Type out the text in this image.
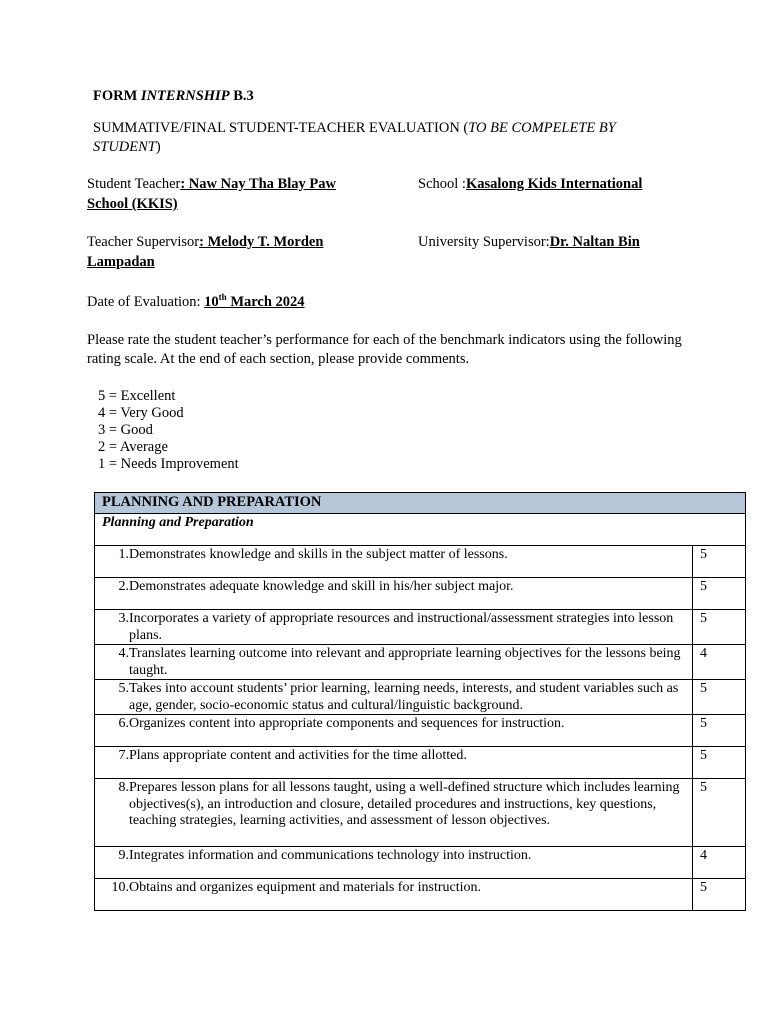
FORM INTERNSHIP B.3
SUMMATIVE/FINAL STUDENT-TEACHER EVALUATION (TO BE COMPELETE BY
STUDENT)
Student Teacher: Naw Nay Tha Blay Paw	School :Kasalong Kids International
School (KKIS)
Teacher Supervisor: Melody T. Morden	University Supervisor:Dr. Naltan Bin
Lampadan
Date of Evaluation: 10th March 2024
Please rate the student teacher’s performance for each of the benchmark indicators using the following rating scale. At the end of each section, please provide comments.
5 = Excellent
4 = Very Good
3 = Good
2 = Average
1 = Needs Improvement
PLANNING AND PREPARATION	
Planning and Preparation	

1. Demonstrates knowledge and skills in the subject matter of lessons.	5

2. Demonstrates adequate knowledge and skill in his/her subject major.	5

3. Incorporates a variety of appropriate resources and instructional/assessment strategies into lesson plans.	5

4. Translates learning outcome into relevant and appropriate learning objectives for the lessons being taught.	4

5. Takes into account students’ prior learning, learning needs, interests, and student variables such as age, gender, socio-economic status and cultural/linguistic background.	5

6. Organizes content into appropriate components and sequences for instruction.	5

7. Plans appropriate content and activities for the time allotted.	5

8. Prepares lesson plans for all lessons taught, using a well-defined structure which includes learning objectives(s), an introduction and closure, detailed procedures and instructions, key questions, teaching strategies, learning activities, and assessment of lesson objectives.	5

9. Integrates information and communications technology into instruction.	4

10. Obtains and organizes equipment and materials for instruction.	5
